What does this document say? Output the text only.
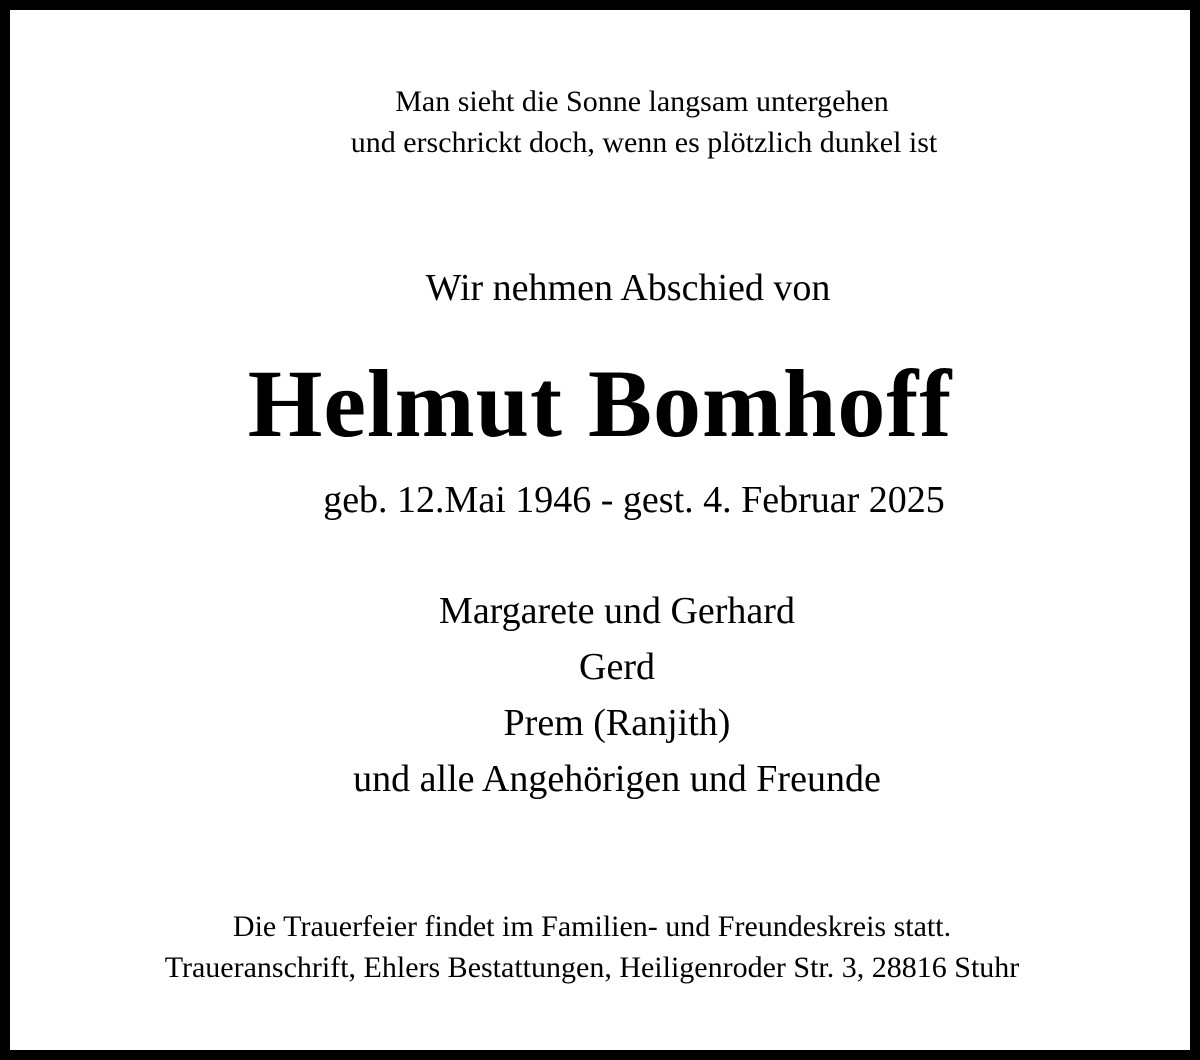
Man sieht die Sonne langsam untergehen
und erschrickt doch, wenn es plötzlich dunkel ist
Wir nehmen Abschied von
Helmut Bomhoff
geb. 12.Mai 1946 - gest. 4. Februar 2025
Margarete und Gerhard
Gerd
Prem (Ranjith)
und alle Angehörigen und Freunde
Die Trauerfeier findet im Familien- und Freundeskreis statt.
Traueranschrift, Ehlers Bestattungen, Heiligenroder Str. 3, 28816 Stuhr
